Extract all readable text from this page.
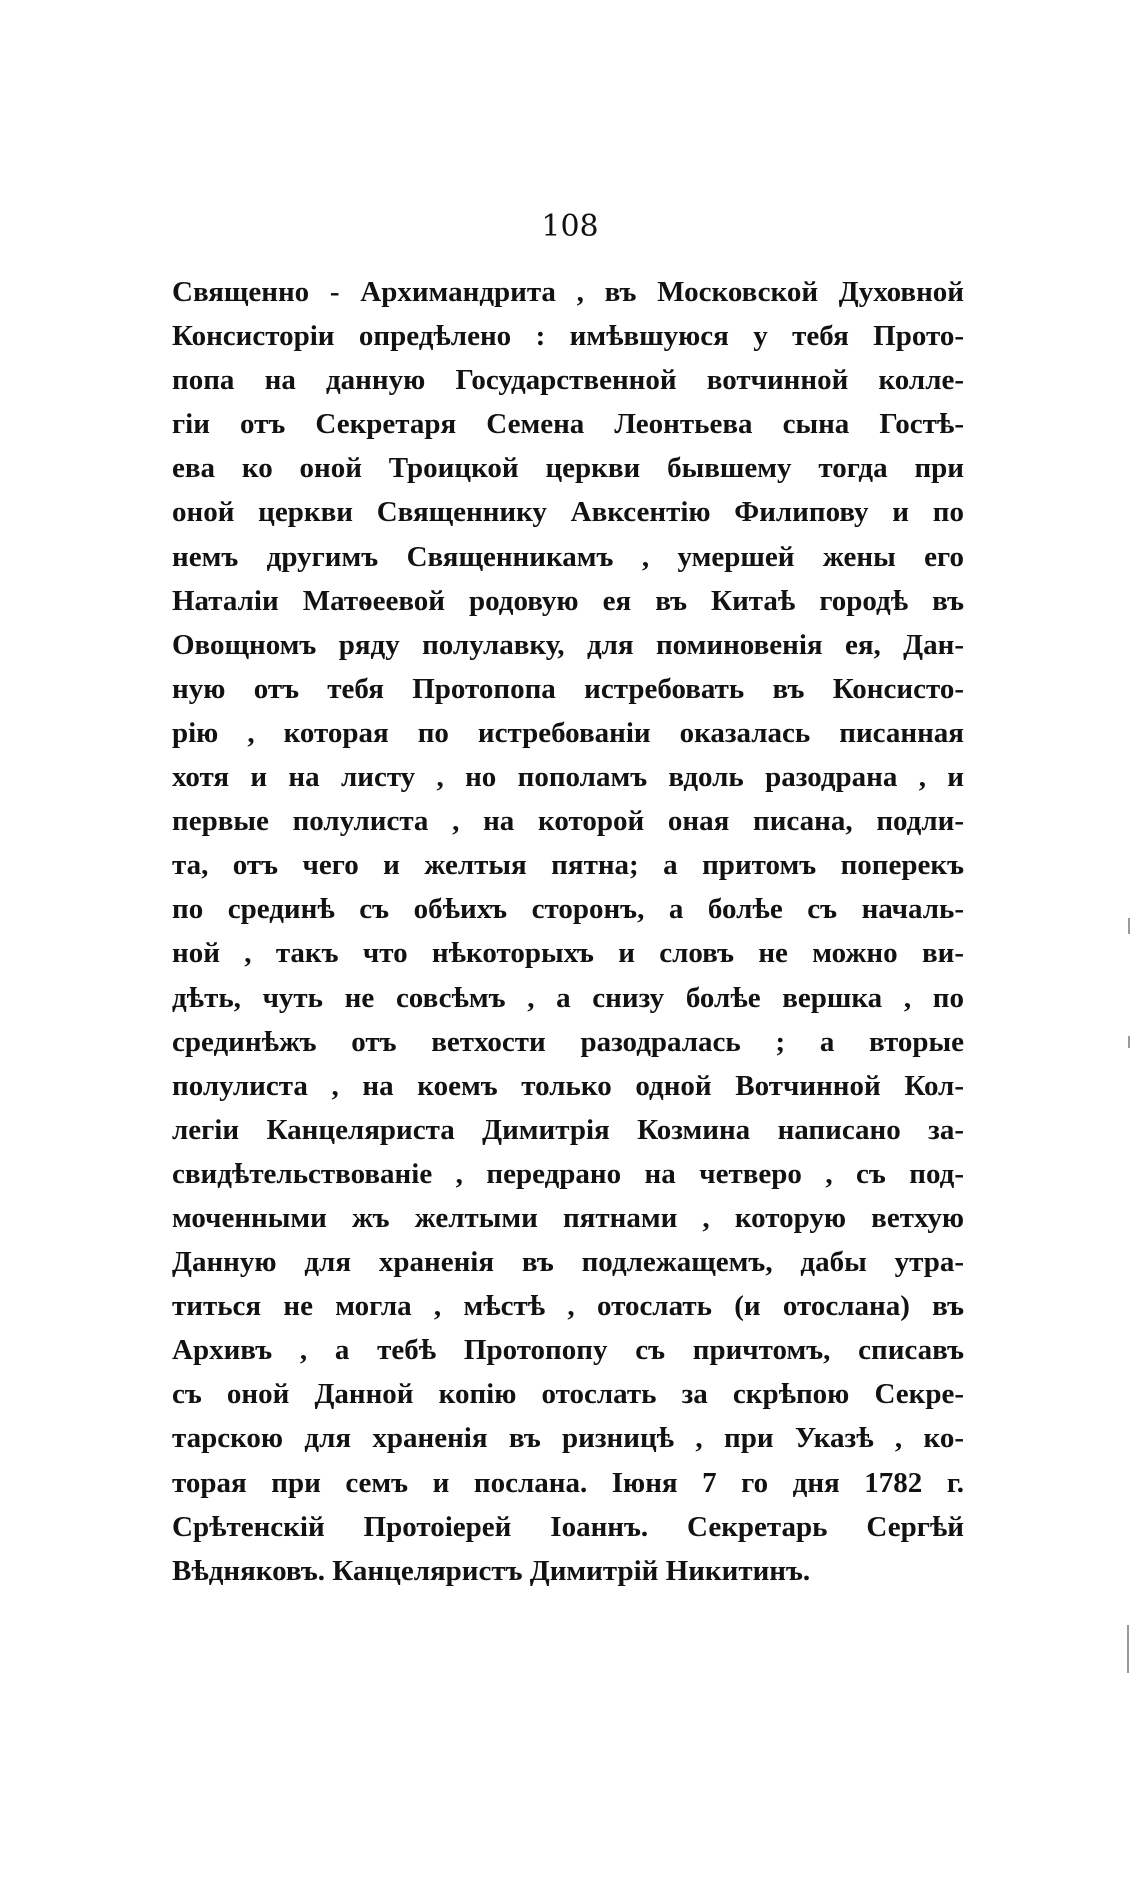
108
Священно - Архимандрита , въ Московской Духовной
Консисторіи опредѣлено : имѣвшуюся у тебя Прото-
попа на данную Государственной вотчинной колле-
гіи отъ Секретаря Семена Леонтьева сына Гостѣ-
ева ко оной Троицкой церкви бывшему тогда при
оной церкви Священнику Авксентію Филипову и по
немъ другимъ Священникамъ , умершей жены его
Наталіи Матѳеевой родовую ея въ Китаѣ городѣ въ
Овощномъ ряду полулавку, для поминовенія ея, Дан-
ную отъ тебя Протопопа истребовать въ Консисто-
рію , которая по истребованіи оказалась писанная
хотя и на листу , но пополамъ вдоль разодрана , и
первые полулиста , на которой оная писана, подли-
та, отъ чего и желтыя пятна; а притомъ поперекъ
по срединѣ съ обѣихъ сторонъ, а болѣе съ началь-
ной , такъ что нѣкоторыхъ и словъ не можно ви-
дѣть, чуть не совсѣмъ , а снизу болѣе вершка , по
срединѣжъ отъ ветхости разодралась ; а вторые
полулиста , на коемъ только одной Вотчинной Кол-
легіи Канцеляриста Димитрія Козмина написано за-
свидѣтельствованіе , передрано на четверо , съ под-
моченными жъ желтыми пятнами , которую ветхую
Данную для храненія въ подлежащемъ, дабы утра-
титься не могла , мѣстѣ , отослать (и отослана) въ
Архивъ , а тебѣ Протопопу съ причтомъ, списавъ
съ оной Данной копію отослать за скрѣпою Секре-
тарскою для храненія въ ризницѣ , при Указѣ , ко-
торая при семъ и послана. Іюня 7 го дня 1782 г.
Срѣтенскій Протоіерей Іоаннъ. Секретарь Сергѣй
Вѣдняковъ. Канцеляристъ Димитрій Никитинъ.
